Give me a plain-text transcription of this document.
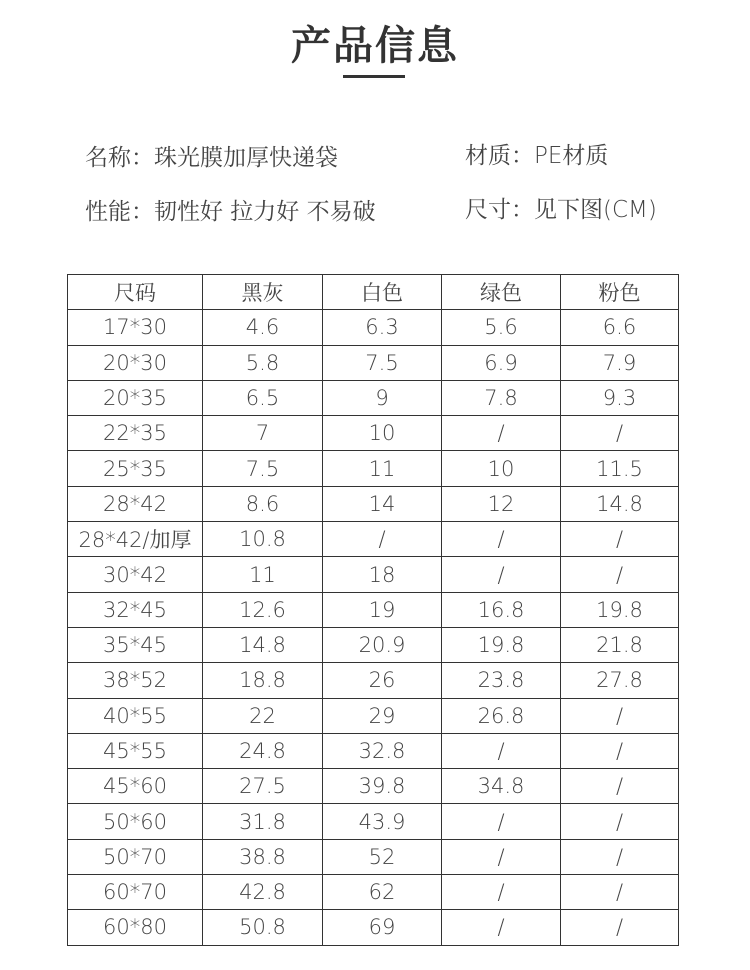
产品信息
名称：珠光膜加厚快递袋	材质：PE材质
性能：韧性好 拉力好 不易破	尺寸：见下图(CM)
尺码	黑灰	白色	绿色	粉色
17*30	4.6	6.3	5.6	6.6
20*30	5.8	7.5	6.9	7.9
20*35	6.5	9	7.8	9.3
22*35	7	10	/	/
25*35	7.5	11	10	11.5
28*42	8.6	14	12	14.8
28*42/加厚	10.8	/	/	/
30*42	11	18	/	/
32*45	12.6	19	16.8	19.8
35*45	14.8	20.9	19.8	21.8
38*52	18.8	26	23.8	27.8
40*55	22	29	26.8	/
45*55	24.8	32.8	/	/
45*60	27.5	39.8	34.8	/
50*60	31.8	43.9	/	/
50*70	38.8	52	/	/
60*70	42.8	62	/	/
60*80	50.8	69	/	/
